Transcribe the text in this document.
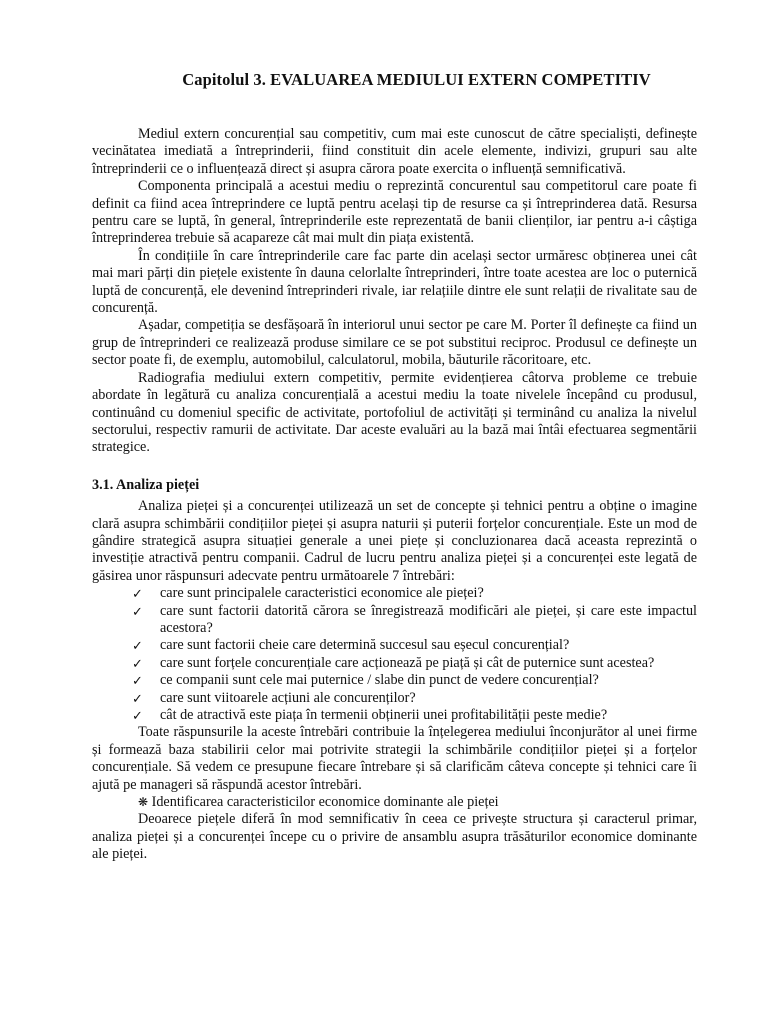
Capitolul 3. EVALUAREA MEDIULUI EXTERN COMPETITIV

Mediul extern concurențial sau competitiv, cum mai este cunoscut de către specialiști, definește vecinătatea imediată a întreprinderii, fiind constituit din acele elemente, indivizi, grupuri sau alte întreprinderii ce o influențează direct și asupra cărora poate exercita o influență semnificativă.

Componenta principală a acestui mediu o reprezintă concurentul sau competitorul care poate fi definit ca fiind acea întreprindere ce luptă pentru același tip de resurse ca și întreprinderea dată. Resursa pentru care se luptă, în general, întreprinderile este reprezentată de banii clienților, iar pentru a-i câștiga întreprinderea trebuie să acapareze cât mai mult din piața existentă.

În condițiile în care întreprinderile care fac parte din același sector urmăresc obținerea unei cât mai mari părți din piețele existente în dauna celorlalte întreprinderi, între toate acestea are loc o puternică luptă de concurență, ele devenind întreprinderi rivale, iar relațiile dintre ele sunt relații de rivalitate sau de concurență.

Așadar, competiția se desfășoară în interiorul unui sector pe care M. Porter îl definește ca fiind un grup de întreprinderi ce realizează produse similare ce se pot substitui reciproc. Produsul ce definește un sector poate fi, de exemplu, automobilul, calculatorul, mobila, băuturile răcoritoare, etc.

Radiografia mediului extern competitiv, permite evidențierea câtorva probleme ce trebuie abordate în legătură cu analiza concurențială a acestui mediu la toate nivelele începând cu produsul, continuând cu domeniul specific de activitate, portofoliul de activități și terminând cu analiza la nivelul sectorului, respectiv ramurii de activitate. Dar aceste evaluări au la bază mai întâi efectuarea segmentării strategice.

3.1. Analiza pieței

Analiza pieței și a concurenței utilizează un set de concepte și tehnici pentru a obține o imagine clară asupra schimbării condițiilor pieței și asupra naturii și puterii forțelor concurențiale. Este un mod de gândire strategică asupra situației generale a unei piețe și concluzionarea dacă aceasta reprezintă o investiție atractivă pentru companii. Cadrul de lucru pentru analiza pieței și a concurenței este legată de găsirea unor răspunsuri adecvate pentru următoarele 7 întrebări:

✓ care sunt principalele caracteristici economice ale pieței?
✓ care sunt factorii datorită cărora se înregistrează modificări ale pieței, și care este impactul acestora?
✓ care sunt factorii cheie care determină succesul sau eșecul concurențial?
✓ care sunt forțele concurențiale care acționează pe piață și cât de puternice sunt acestea?
✓ ce companii sunt cele mai puternice / slabe din punct de vedere concurențial?
✓ care sunt viitoarele acțiuni ale concurenților?
✓ cât de atractivă este piața în termenii obținerii unei profitabilității peste medie?

Toate răspunsurile la aceste întrebări contribuie la înțelegerea mediului înconjurător al unei firme și formează baza stabilirii celor mai potrivite strategii la schimbările condițiilor pieței și a forțelor concurențiale. Să vedem ce presupune fiecare întrebare și să clarificăm câteva concepte și tehnici care îi ajută pe manageri să răspundă acestor întrebări.

❋ Identificarea caracteristicilor economice dominante ale pieței

Deoarece piețele diferă în mod semnificativ în ceea ce privește structura și caracterul primar, analiza pieței și a concurenței începe cu o privire de ansamblu asupra trăsăturilor economice dominante ale pieței.
